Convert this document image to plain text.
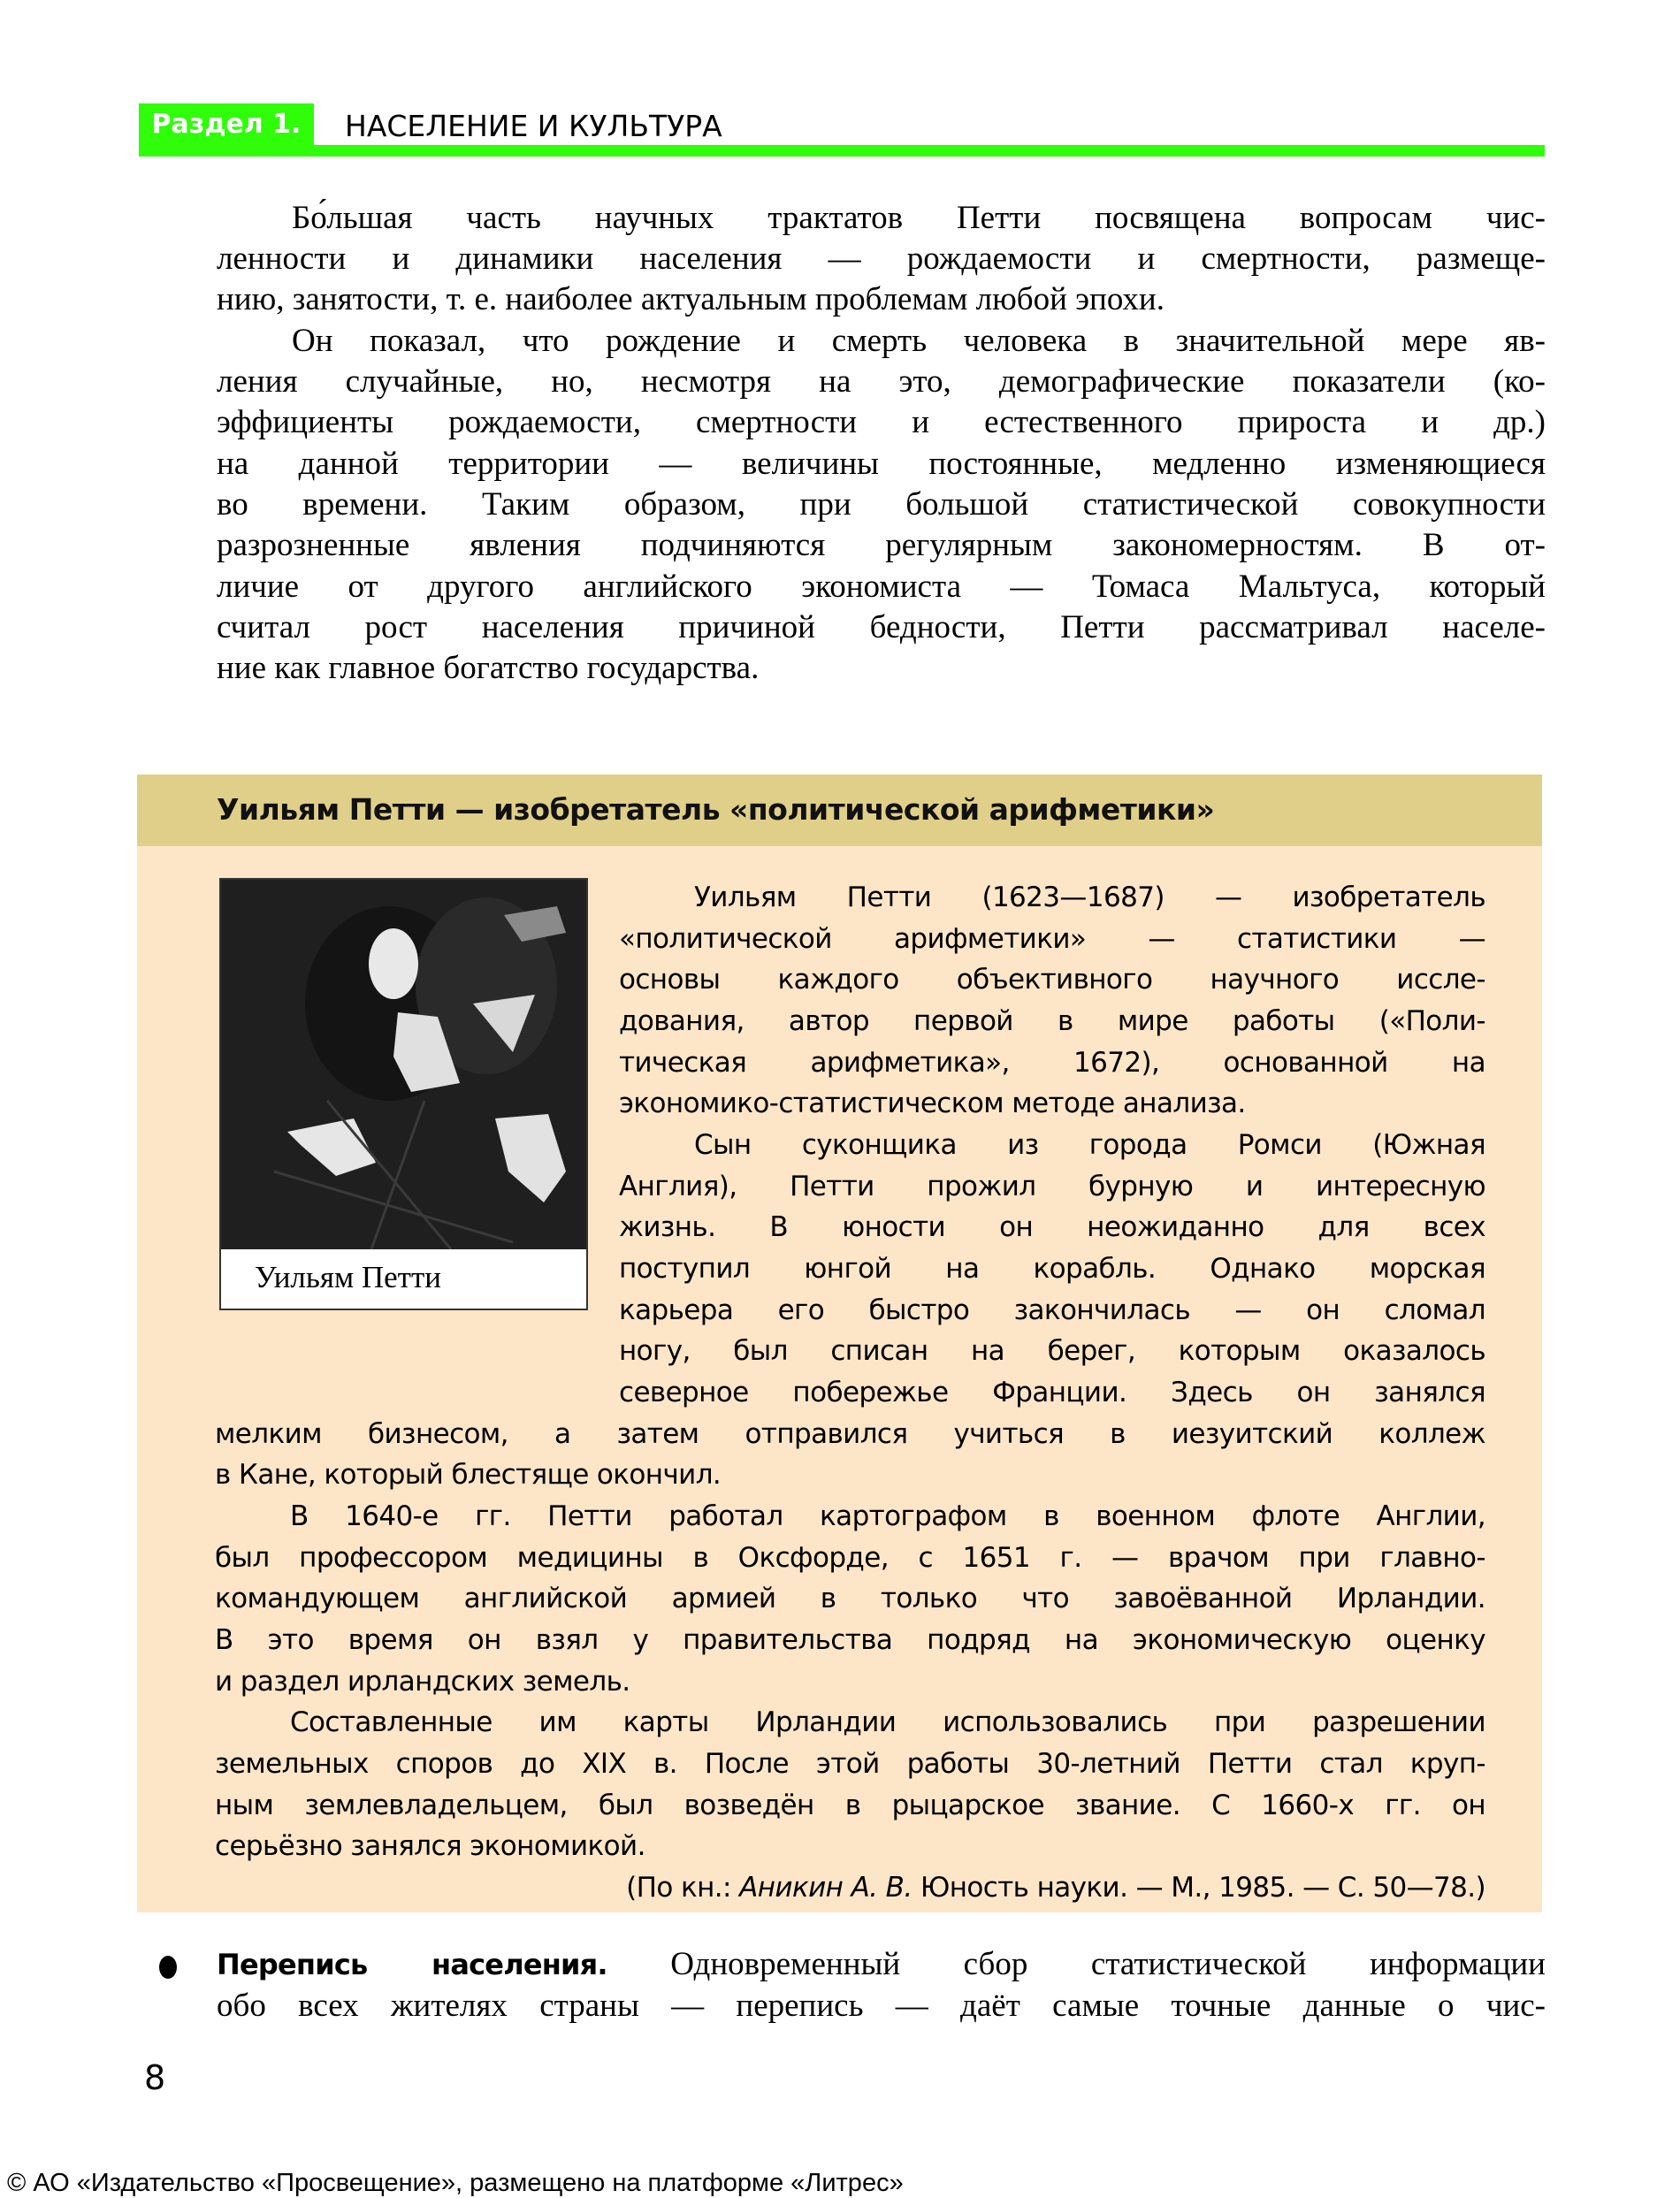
Раздел 1.	НАСЕЛЕНИЕ И КУЛЬТУРА
Бо́льшая часть научных трактатов Петти посвящена вопросам чис-
ленности и динамики населения — рождаемости и смертности, размеще-
нию, занятости, т. е. наиболее актуальным проблемам любой эпохи.
Он показал, что рождение и смерть человека в значительной мере яв-
ления случайные, но, несмотря на это, демографические показатели (ко-
эффициенты рождаемости, смертности и естественного прироста и др.)
на данной территории — величины постоянные, медленно изменяющиеся
во времени. Таким образом, при большой статистической совокупности
разрозненные явления подчиняются регулярным закономерностям. В от-
личие от другого английского экономиста — Томаса Мальтуса, который
считал рост населения причиной бедности, Петти рассматривал населе-
ние как главное богатство государства.
Уильям Петти — изобретатель «политической арифметики»
Уильям Петти
Уильям Петти (1623—1687) — изобретатель
«политической арифметики» — статистики —
основы каждого объективного научного иссле-
дования, автор первой в мире работы («Поли-
тическая арифметика», 1672), основанной на
экономико-статистическом методе анализа.
Сын суконщика из города Ромси (Южная
Англия), Петти прожил бурную и интересную
жизнь. В юности он неожиданно для всех
поступил юнгой на корабль. Однако морская
карьера его быстро закончилась — он сломал
ногу, был списан на берег, которым оказалось
северное побережье Франции. Здесь он занялся
мелким бизнесом, а затем отправился учиться в иезуитский коллеж
в Кане, который блестяще окончил.
В 1640-е гг. Петти работал картографом в военном флоте Англии,
был профессором медицины в Оксфорде, с 1651 г. — врачом при главно-
командующем английской армией в только что завоёванной Ирландии.
В это время он взял у правительства подряд на экономическую оценку
и раздел ирландских земель.
Составленные им карты Ирландии использовались при разрешении
земельных споров до XIX в. После этой работы 30-летний Петти стал круп-
ным землевладельцем, был возведён в рыцарское звание. С 1660-х гг. он
серьёзно занялся экономикой.
(По кн.: Аникин А. В. Юность науки. — М., 1985. — С. 50—78.)
Перепись населения. Одновременный сбор статистической информации
обо всех жителях страны — перепись — даёт самые точные данные о чис-
8
© АО «Издательство «Просвещение», размещено на платформе «Литрес»
